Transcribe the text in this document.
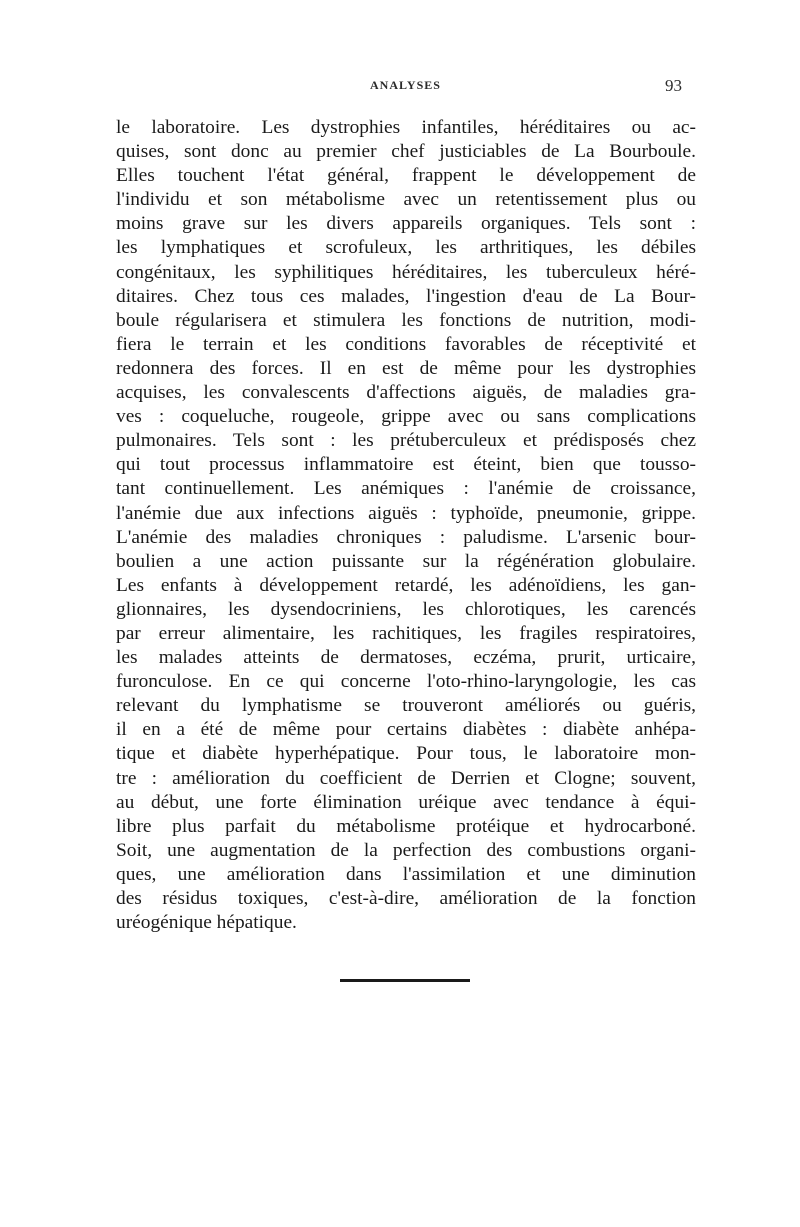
ANALYSES	93
le laboratoire. Les dystrophies infantiles, héréditaires ou ac-
quises, sont donc au premier chef justiciables de La Bourboule.
Elles touchent l'état général, frappent le développement de
l'individu et son métabolisme avec un retentissement plus ou
moins grave sur les divers appareils organiques. Tels sont :
les lymphatiques et scrofuleux, les arthritiques, les débiles
congénitaux, les syphilitiques héréditaires, les tuberculeux héré-
ditaires. Chez tous ces malades, l'ingestion d'eau de La Bour-
boule régularisera et stimulera les fonctions de nutrition, modi-
fiera le terrain et les conditions favorables de réceptivité et
redonnera des forces. Il en est de même pour les dystrophies
acquises, les convalescents d'affections aiguës, de maladies gra-
ves : coqueluche, rougeole, grippe avec ou sans complications
pulmonaires. Tels sont : les prétuberculeux et prédisposés chez
qui tout processus inflammatoire est éteint, bien que tousso-
tant continuellement. Les anémiques : l'anémie de croissance,
l'anémie due aux infections aiguës : typhoïde, pneumonie, grippe.
L'anémie des maladies chroniques : paludisme. L'arsenic bour-
boulien a une action puissante sur la régénération globulaire.
Les enfants à développement retardé, les adénoïdiens, les gan-
glionnaires, les dysendocriniens, les chlorotiques, les carencés
par erreur alimentaire, les rachitiques, les fragiles respiratoires,
les malades atteints de dermatoses, eczéma, prurit, urticaire,
furonculose. En ce qui concerne l'oto-rhino-laryngologie, les cas
relevant du lymphatisme se trouveront améliorés ou guéris,
il en a été de même pour certains diabètes : diabète anhépa-
tique et diabète hyperhépatique. Pour tous, le laboratoire mon-
tre : amélioration du coefficient de Derrien et Clogne; souvent,
au début, une forte élimination uréique avec tendance à équi-
libre plus parfait du métabolisme protéique et hydrocarboné.
Soit, une augmentation de la perfection des combustions organi-
ques, une amélioration dans l'assimilation et une diminution
des résidus toxiques, c'est-à-dire, amélioration de la fonction
uréogénique hépatique.
